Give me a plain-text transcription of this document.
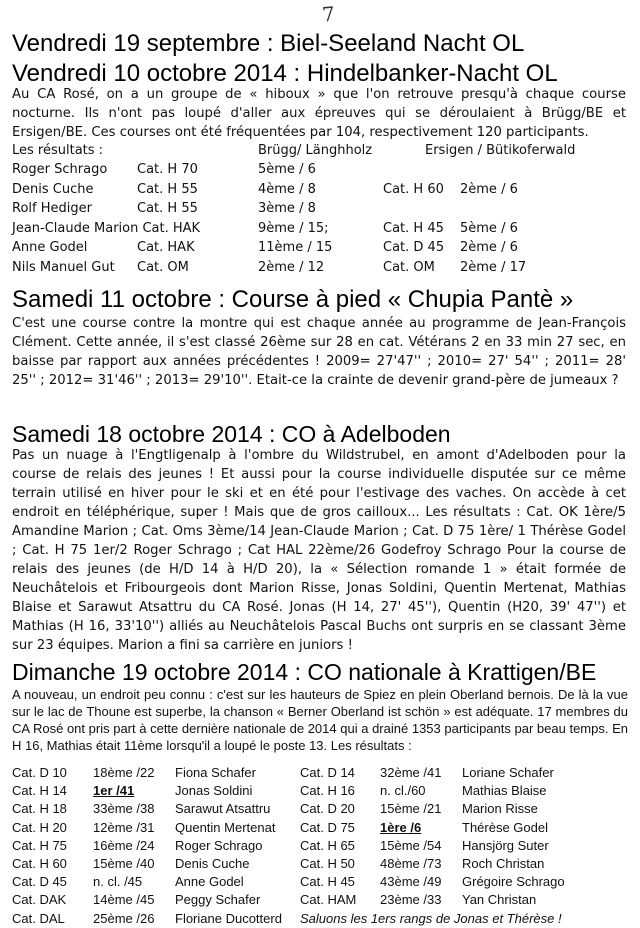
7
Vendredi 19 septembre : Biel-Seeland Nacht OL
Vendredi 10 octobre 2014 : Hindelbanker-Nacht OL
Au CA Rosé, on a un groupe de « hiboux » que l'on retrouve presqu'à chaque course nocturne. Ils n'ont pas loupé d'aller aux épreuves qui se déroulaient à Brügg/BE et Ersigen/BE. Ces courses ont été fréquentées par 104, respectivement 120 participants.
Les résultats :	Brügg/ Länghholz	Ersigen / Bütikoferwald
Roger Schrago Cat. H 70	5ème / 6
Denis Cuche	Cat. H 55	4ème / 8	Cat. H 60 2ème / 6
Rolf Hediger	Cat. H 55	3ème / 8
Jean-Claude Marion Cat. HAK	9ème / 15;	Cat. H 45 5ème / 6
Anne Godel	Cat. HAK	11ème / 15	Cat. D 45 2ème / 6
Nils Manuel Gut Cat. OM	2ème / 12	Cat. OM 2ème / 17
Samedi 11 octobre : Course à pied « Chupia Pantè »
C'est une course contre la montre qui est chaque année au programme de Jean-François Clément. Cette année, il s'est classé 26ème sur 28 en cat. Vétérans 2 en 33 min 27 sec, en baisse par rapport aux années précédentes ! 2009= 27'47'' ; 2010= 27' 54'' ; 2011= 28' 25'' ; 2012= 31'46'' ; 2013= 29'10''. Etait-ce la crainte de devenir grand-père de jumeaux ?
Samedi 18 octobre 2014 : CO à Adelboden
Pas un nuage à l'Engtligenalp à l'ombre du Wildstrubel, en amont d'Adelboden pour la course de relais des jeunes ! Et aussi pour la course individuelle disputée sur ce même terrain utilisé en hiver pour le ski et en été pour l'estivage des vaches. On accède à cet endroit en téléphérique, super ! Mais que de gros cailloux... Les résultats : Cat. OK 1ère/5 Amandine Marion ; Cat. Oms 3ème/14 Jean-Claude Marion ; Cat. D 75 1ère/ 1 Thérèse Godel ; Cat. H 75 1er/2 Roger Schrago ; Cat HAL 22ème/26 Godefroy Schrago Pour la course de relais des jeunes (de H/D 14 à H/D 20), la « Sélection romande 1 » était formée de Neuchâtelois et Fribourgeois dont Marion Risse, Jonas Soldini, Quentin Mertenat, Mathias Blaise et Sarawut Atsattru du CA Rosé. Jonas (H 14, 27' 45''), Quentin (H20, 39' 47'') et Mathias (H 16, 33'10'') alliés au Neuchâtelois Pascal Buchs ont surpris en se classant 3ème sur 23 équipes. Marion a fini sa carrière en juniors !
Dimanche 19 octobre 2014 : CO nationale à Krattigen/BE
A nouveau, un endroit peu connu : c'est sur les hauteurs de Spiez en plein Oberland bernois. De là la vue sur le lac de Thoune est superbe, la chanson « Berner Oberland ist schön » est adéquate. 17 membres du CA Rosé ont pris part à cette dernière nationale de 2014 qui a drainé 1353 participants par beau temps. En H 16, Mathias était 11ème lorsqu'il a loupé le poste 13. Les résultats :
Cat. D 10 18ème /22 Fiona Schafer	Cat. D 14 32ème /41 Loriane Schafer
Cat. H 14 1er /41	Jonas Soldini	Cat. H 16 n. cl./60	Mathias Blaise
Cat. H 18 33ème /38 Sarawut Atsattru Cat. D 20 15ème /21 Marion Risse
Cat. H 20 12ème /31 Quentin Mertenat Cat. D 75 1ère /6	Thérèse Godel
Cat. H 75 16ème /24 Roger Schrago	Cat. H 65 15ème /54 Hansjörg Suter
Cat. H 60 15ème /40 Denis Cuche	Cat. H 50 48ème /73 Roch Christan
Cat. D 45 n. cl. /45	Anne Godel	Cat. H 45 43ème /49 Grégoire Schrago
Cat. DAK 14ème /45 Peggy Schafer	Cat. HAM 23ème /33 Yan Christan
Cat. DAL 25ème /26 Floriane Ducotterd Saluons les 1ers rangs de Jonas et Thérèse !
